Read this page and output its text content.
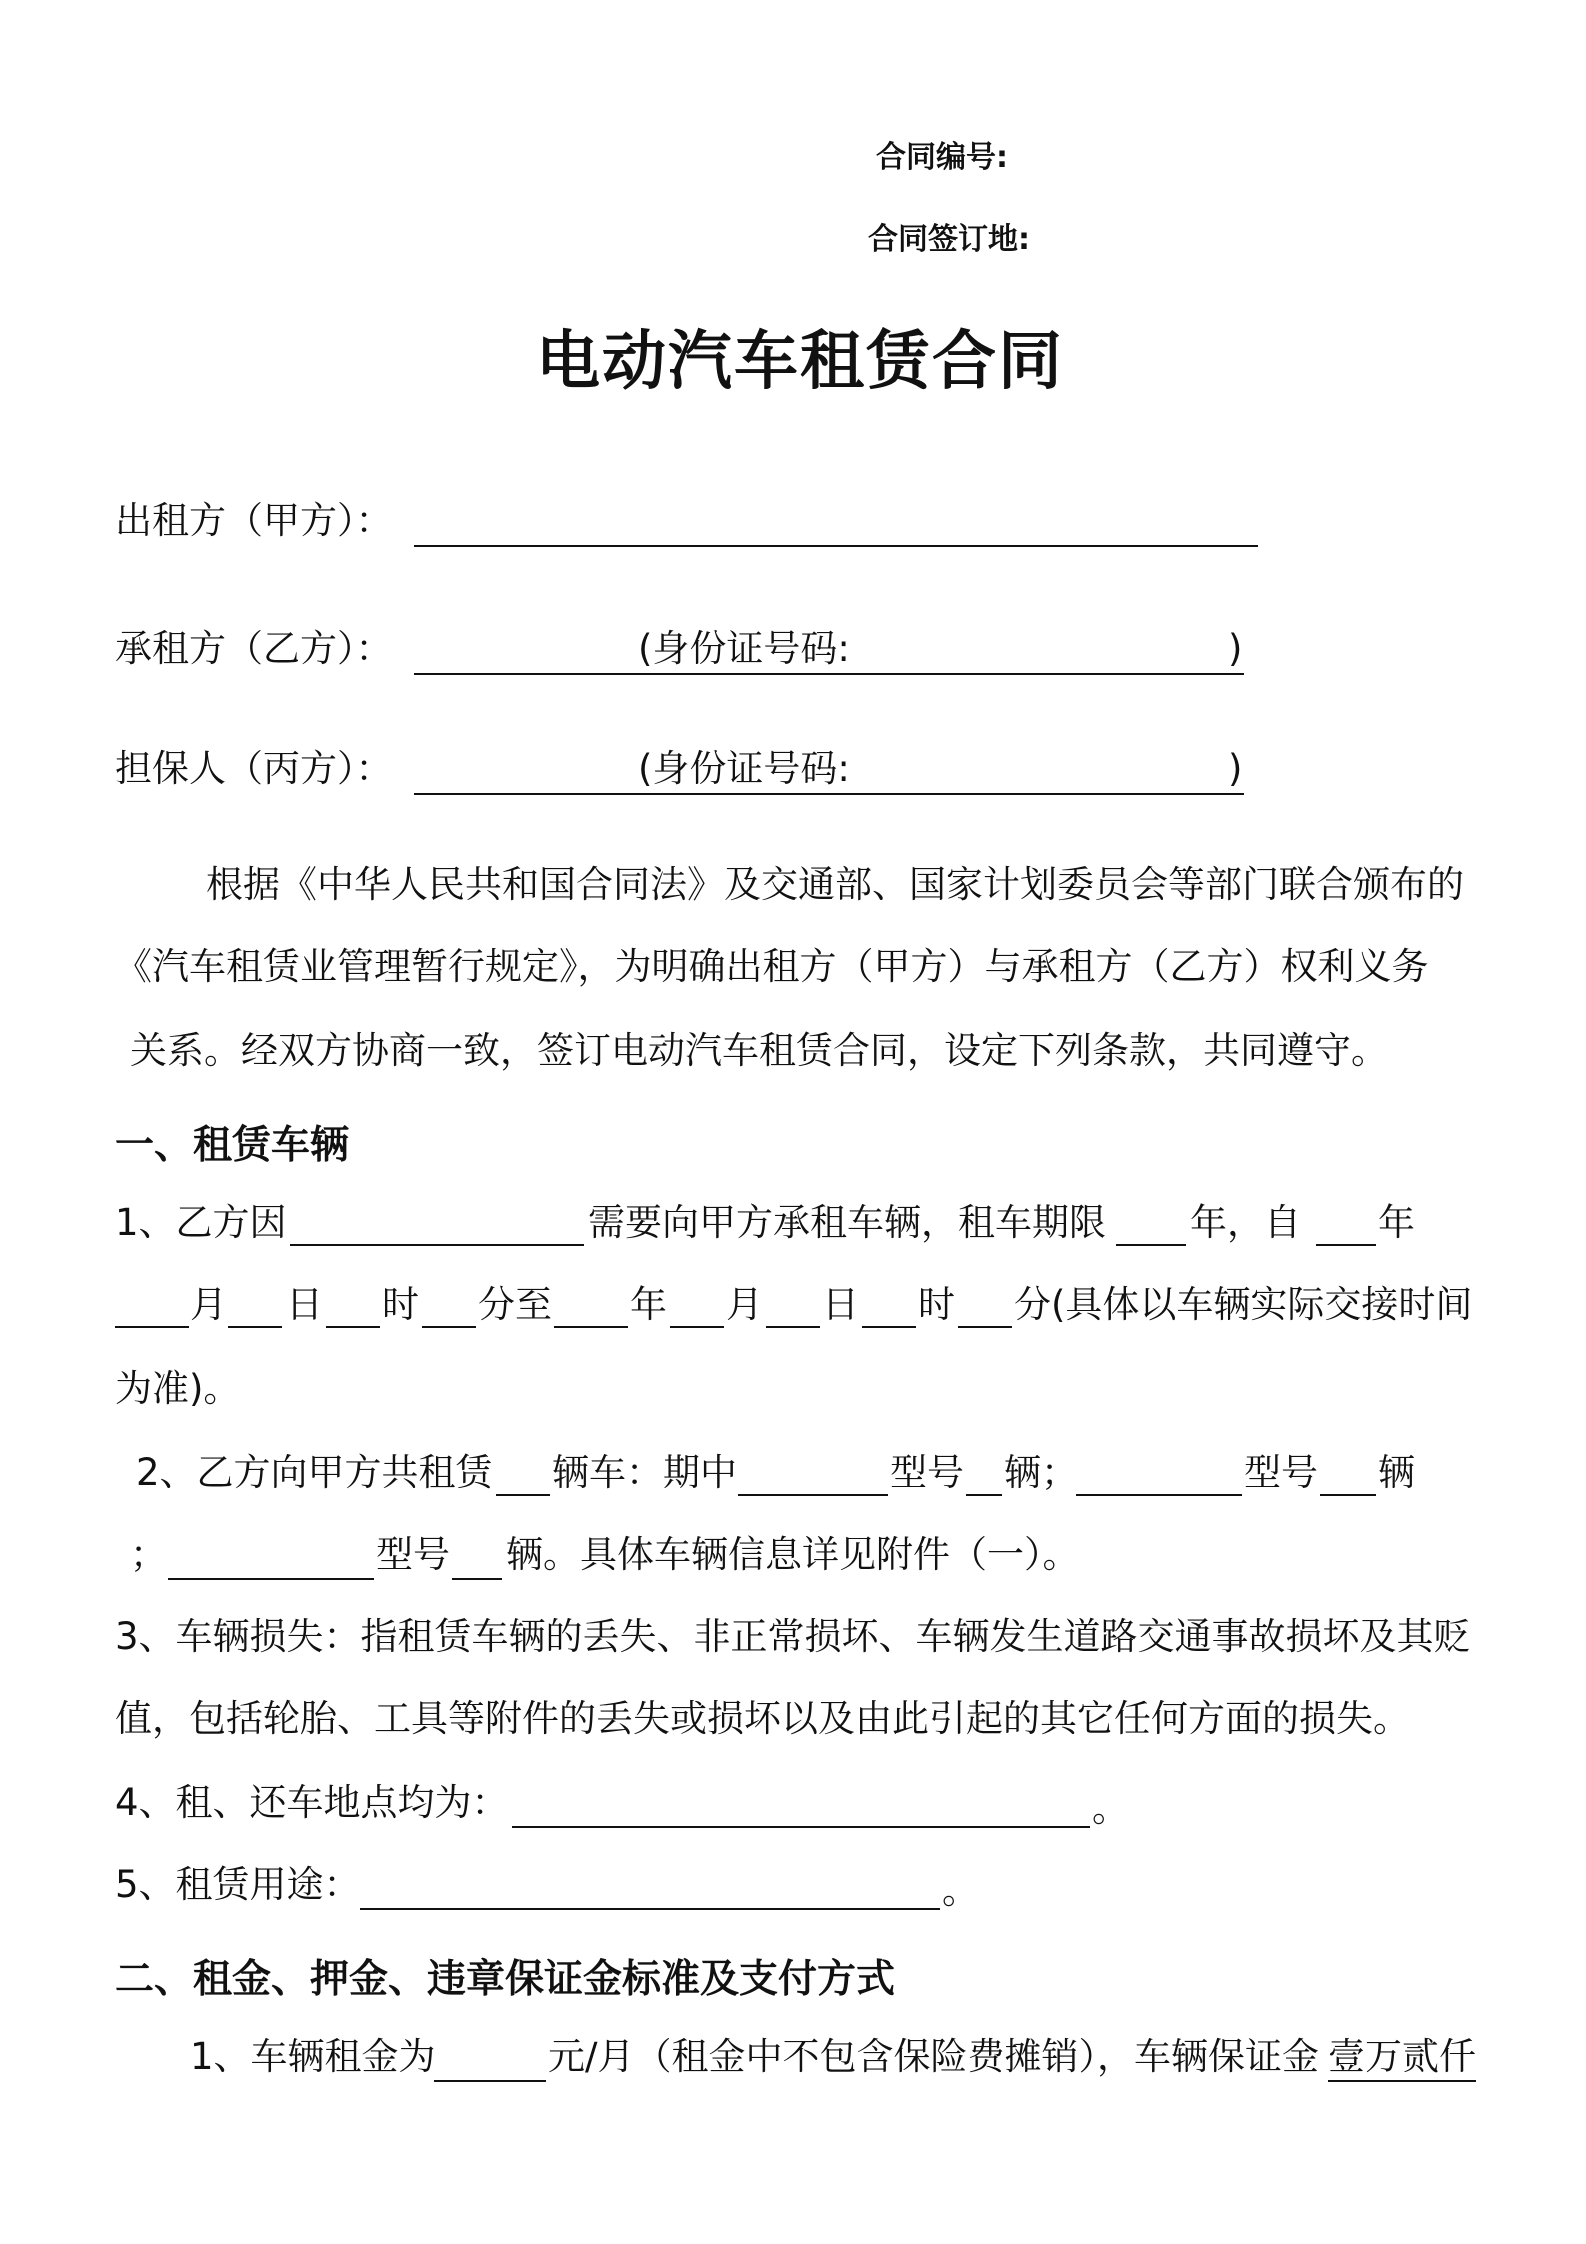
合同编号:
合同签订地:
电动汽车租赁合同
出租方（甲方）：
承租方（乙方）：	(身份证号码:	)
担保人（丙方）：	(身份证号码:	)
根据《中华人民共和国合同法》及交通部、国家计划委员会等部门联合颁布的
《汽车租赁业管理暂行规定》，为明确出租方（甲方）与承租方（乙方）权利义务
关系。经双方协商一致，签订电动汽车租赁合同，设定下列条款，共同遵守。
一、租赁车辆
1、乙方因	需要向甲方承租车辆，租车期限 年，自 年
月 日 时 分至 年 月 日 时 分(具体以车辆实际交接时间
为准)。
2、乙方向甲方共租赁 辆车：期中	型号 辆；	型号 辆
；	型号 辆。具体车辆信息详见附件（一）。
3、车辆损失：指租赁车辆的丢失、非正常损坏、车辆发生道路交通事故损坏及其贬
值，包括轮胎、工具等附件的丢失或损坏以及由此引起的其它任何方面的损失。
4、租、还车地点均为：	。
5、租赁用途：	。
二、租金、押金、违章保证金标准及支付方式
1、车辆租金为	元/月（租金中不包含保险费摊销），车辆保证金 壹万贰仟
